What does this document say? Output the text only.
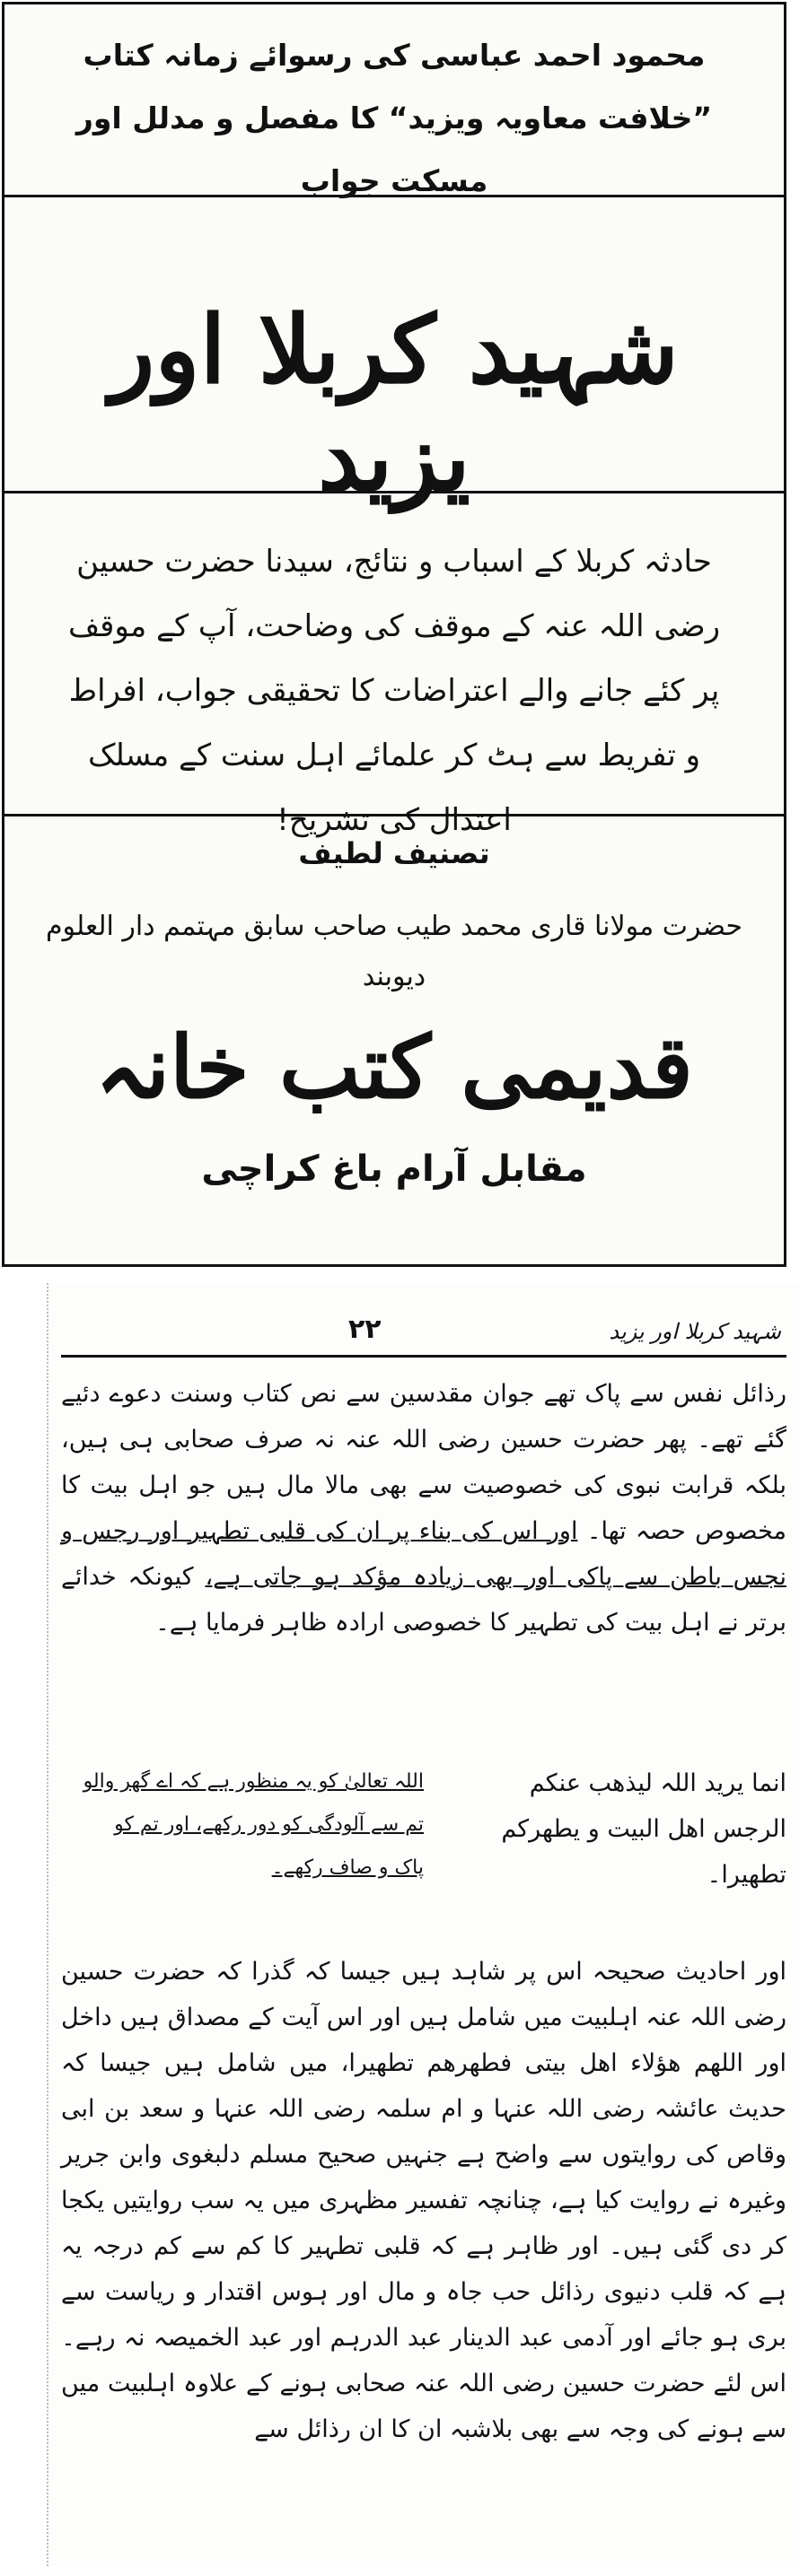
محمود احمد عباسی کی رسوائے زمانہ کتاب ”خلافت معاویہ ویزید“ کا مفصل و مدلل اور مسکت جواب
شہید کربلا اور یزید
حادثہ کربلا کے اسباب و نتائج، سیدنا حضرت حسین رضی اللہ عنہ کے موقف کی وضاحت، آپ کے موقف پر کئے جانے والے اعتراضات کا تحقیقی جواب، افراط و تفریط سے ہٹ کر علمائے اہل سنت کے مسلک اعتدال کی تشریح!
تصنیف لطیف
حضرت مولانا قاری محمد طیب صاحب سابق مہتمم دار العلوم دیوبند
قدیمی کتب خانہ
مقابل آرام باغ کراچی
شہید کربلا اور یزید
۲۲
رذائل نفس سے پاک تھے جوان مقدسین سے نص کتاب وسنت دعوے دئیے گئے تھے۔ پھر حضرت حسین رضی اللہ عنہ نہ صرف صحابی ہی ہیں، بلکہ قرابت نبوی کی خصوصیت سے بھی مالا مال ہیں جو اہل بیت کا مخصوص حصہ تھا۔ اور اس کی بناء پر ان کی قلبی تطہیر اور رجس و نجس باطن سے پاکی اور بھی زیادہ مؤکد ہو جاتی ہے، کیونکہ خدائے برتر نے اہل بیت کی تطہیر کا خصوصی ارادہ ظاہر فرمایا ہے۔
انما یرید اللہ لیذھب عنکم الرجس اھل البیت و یطھرکم تطھیرا۔
اللہ تعالیٰ کو یہ منظور ہے کہ اے گھر والو
تم سے آلودگی کو دور رکھے، اور تم کو
پاک و صاف رکھے۔
اور احادیث صحیحہ اس پر شاہد ہیں جیسا کہ گذرا کہ حضرت حسین رضی اللہ عنہ اہلبیت میں شامل ہیں اور اس آیت کے مصداق ہیں داخل اور اللھم ھؤلاء اھل بیتی فطھرھم تطھیرا، میں شامل ہیں جیسا کہ حدیث عائشہ رضی اللہ عنہا و ام سلمہ رضی اللہ عنہا و سعد بن ابی وقاص کی روایتوں سے واضح ہے جنہیں صحیح مسلم دلبغوی وابن جریر وغیرہ نے روایت کیا ہے، چنانچہ تفسیر مظہری میں یہ سب روایتیں یکجا کر دی گئی ہیں۔ اور ظاہر ہے کہ قلبی تطہیر کا کم سے کم درجہ یہ ہے کہ قلب دنیوی رذائل حب جاہ و مال اور ہوس اقتدار و ریاست سے بری ہو جائے اور آدمی عبد الدینار عبد الدرہم اور عبد الخمیصہ نہ رہے۔ اس لئے حضرت حسین رضی اللہ عنہ صحابی ہونے کے علاوہ اہلبیت میں سے ہونے کی وجہ سے بھی بلاشبہ ان کا ان رذائل سے
